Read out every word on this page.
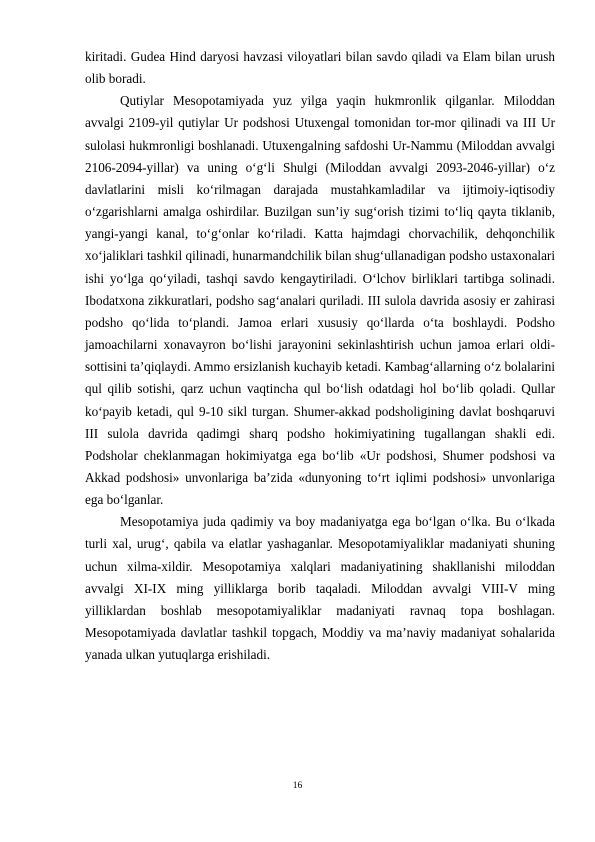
kiritadi. Gudea Hind daryosi havzasi viloyatlari bilan savdo qiladi va Elam bilan urush olib boradi.

Qutiylar Mesopotamiyada yuz yilga yaqin hukmronlik qilganlar. Miloddan avvalgi 2109-yil qutiylar Ur podshosi Utuxengal tomonidan tor-mor qilinadi va III Ur sulolasi hukmronligi boshlanadi. Utuxengalning safdoshi Ur-Nammu (Miloddan avvalgi 2106-2094-yillar) va uning o‘g‘li Shulgi (Miloddan avvalgi 2093-2046-yillar) o‘z davlatlarini misli ko‘rilmagan darajada mustahkamladilar va ijtimoiy-iqtisodiy o‘zgarishlarni amalga oshirdilar. Buzilgan sun’iy sug‘orish tizimi to‘liq qayta tiklanib, yangi-yangi kanal, to‘g‘onlar ko‘riladi. Katta hajmdagi chorvachilik, dehqonchilik xo‘jaliklari tashkil qilinadi, hunarmandchilik bilan shug‘ullanadigan podsho ustaxonalari ishi yo‘lga qo‘yiladi, tashqi savdo kengaytiriladi. O‘lchov birliklari tartibga solinadi. Ibodatxona zikkuratlari, podsho sag‘analari quriladi. III sulola davrida asosiy er zahirasi podsho qo‘lida to‘plandi. Jamoa erlari xususiy qo‘llarda o‘ta boshlaydi. Podsho jamoachilarni xonavayron bo‘lishi jarayonini sekinlashtirish uchun jamoa erlari oldi-sottisini ta’qiqlaydi. Ammo ersizlanish kuchayib ketadi. Kambag‘allarning o‘z bolalarini qul qilib sotishi, qarz uchun vaqtincha qul bo‘lish odatdagi hol bo‘lib qoladi. Qullar ko‘payib ketadi, qul 9-10 sikl turgan. Shumer-akkad podsholigining davlat boshqaruvi III sulola davrida qadimgi sharq podsho hokimiyatining tugallangan shakli edi. Podsholar cheklanmagan hokimiyatga ega bo‘lib «Ur podshosi, Shumer podshosi va Akkad podshosi» unvonlariga ba’zida «dunyoning to‘rt iqlimi podshosi» unvonlariga ega bo‘lganlar.

Mesopotamiya juda qadimiy va boy madaniyatga ega bo‘lgan o‘lka. Bu o‘lkada turli xal, urug‘, qabila va elatlar yashaganlar. Mesopotamiyaliklar madaniyati shuning uchun xilma-xildir. Mesopotamiya xalqlari madaniyatining shakllanishi miloddan avvalgi XI-IX ming yilliklarga borib taqaladi. Miloddan avvalgi VIII-V ming yilliklardan boshlab mesopotamiyaliklar madaniyati ravnaq topa boshlagan. Mesopotamiyada davlatlar tashkil topgach, Moddiy va ma’naviy madaniyat sohalarida yanada ulkan yutuqlarga erishiladi.

16
